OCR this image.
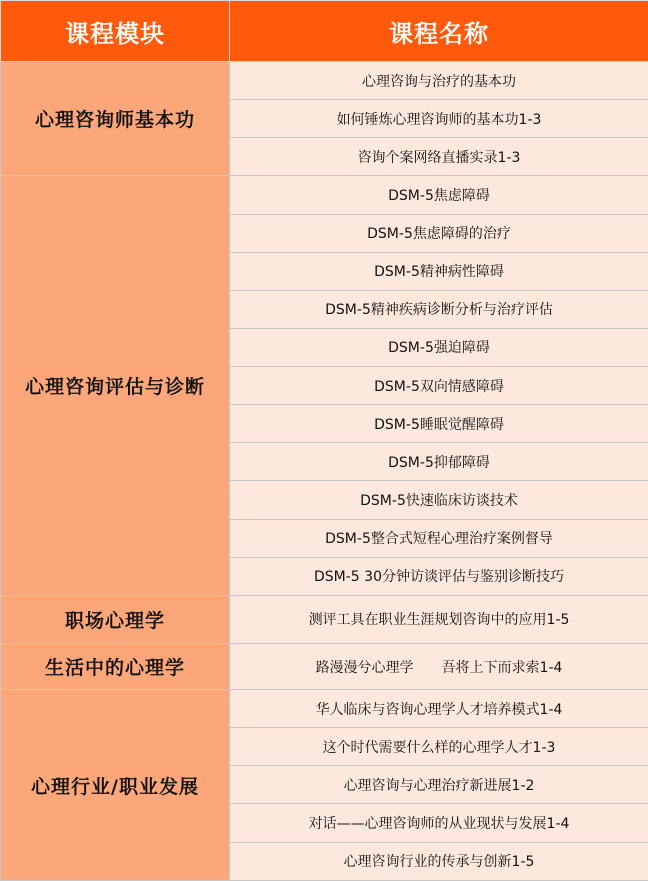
课程模块	课程名称
心理咨询师基本功	心理咨询与治疗的基本功
	如何锤炼心理咨询师的基本功1-3
	咨询个案网络直播实录1-3
心理咨询评估与诊断	DSM-5焦虑障碍
	DSM-5焦虑障碍的治疗
	DSM-5精神病性障碍
	DSM-5精神疾病诊断分析与治疗评估
	DSM-5强迫障碍
	DSM-5双向情感障碍
	DSM-5睡眠觉醒障碍
	DSM-5抑郁障碍
	DSM-5快速临床访谈技术
	DSM-5整合式短程心理治疗案例督导
	DSM-5 30分钟访谈评估与鉴别诊断技巧
职场心理学	测评工具在职业生涯规划咨询中的应用1-5
生活中的心理学	路漫漫兮心理学　　吾将上下而求索1-4
心理行业/职业发展	华人临床与咨询心理学人才培养模式1-4
	这个时代需要什么样的心理学人才1-3
	心理咨询与心理治疗新进展1-2
	对话——心理咨询师的从业现状与发展1-4
	心理咨询行业的传承与创新1-5
